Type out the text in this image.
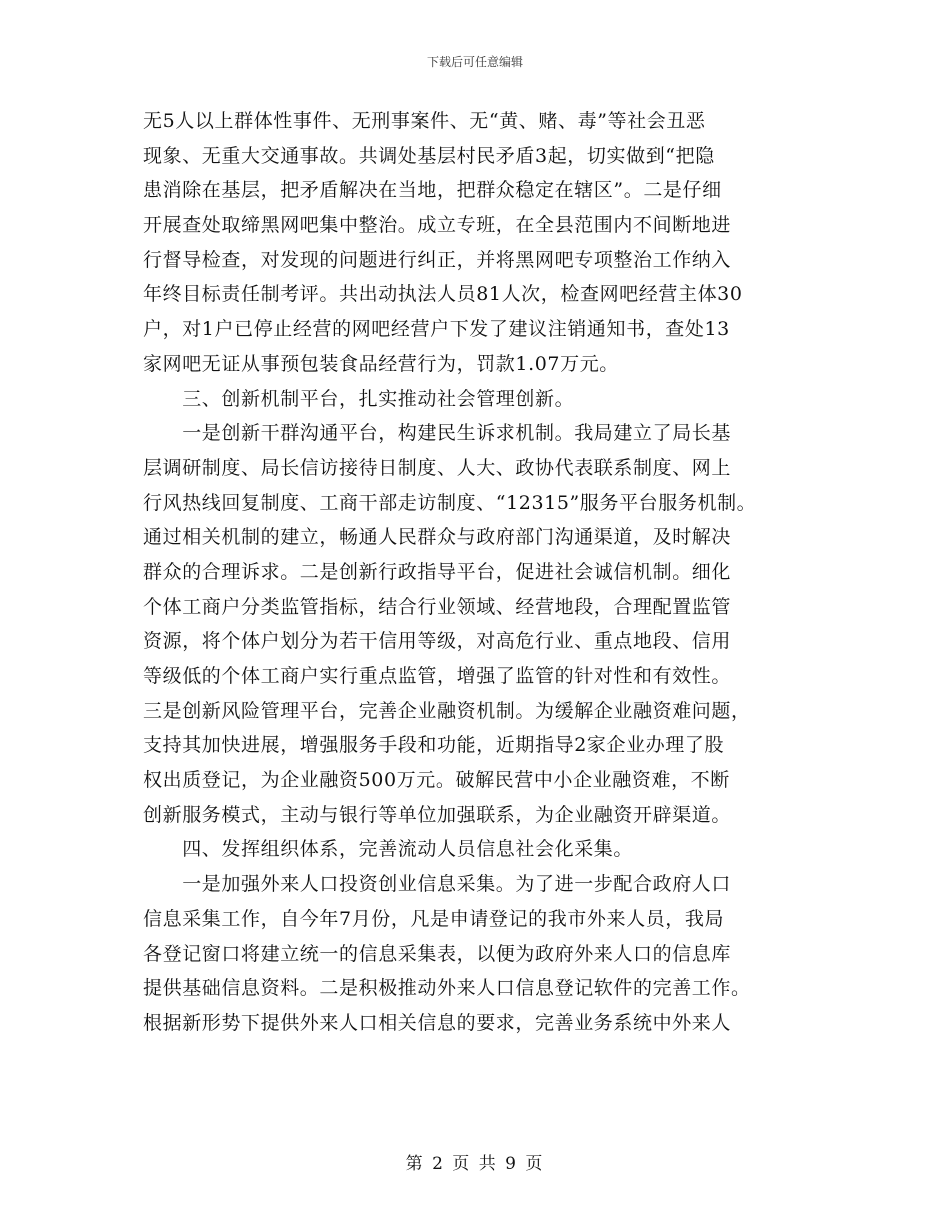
下载后可任意编辑
无5人以上群体性事件、无刑事案件、无“黄、赌、毒”等社会丑恶
现象、无重大交通事故。共调处基层村民矛盾3起，切实做到“把隐
患消除在基层，把矛盾解决在当地，把群众稳定在辖区”。二是仔细
开展查处取缔黑网吧集中整治。成立专班，在全县范围内不间断地进
行督导检查，对发现的问题进行纠正，并将黑网吧专项整治工作纳入
年终目标责任制考评。共出动执法人员81人次，检查网吧经营主体30
户，对1户已停止经营的网吧经营户下发了建议注销通知书，查处13
家网吧无证从事预包装食品经营行为，罚款1.07万元。
　　三、创新机制平台，扎实推动社会管理创新。
　　一是创新干群沟通平台，构建民生诉求机制。我局建立了局长基
层调研制度、局长信访接待日制度、人大、政协代表联系制度、网上
行风热线回复制度、工商干部走访制度、“12315”服务平台服务机制。
通过相关机制的建立，畅通人民群众与政府部门沟通渠道，及时解决
群众的合理诉求。二是创新行政指导平台，促进社会诚信机制。细化
个体工商户分类监管指标，结合行业领域、经营地段，合理配置监管
资源，将个体户划分为若干信用等级，对高危行业、重点地段、信用
等级低的个体工商户实行重点监管，增强了监管的针对性和有效性。
三是创新风险管理平台，完善企业融资机制。为缓解企业融资难问题，
支持其加快进展，增强服务手段和功能，近期指导2家企业办理了股
权出质登记，为企业融资500万元。破解民营中小企业融资难，不断
创新服务模式，主动与银行等单位加强联系，为企业融资开辟渠道。
　　四、发挥组织体系，完善流动人员信息社会化采集。
　　一是加强外来人口投资创业信息采集。为了进一步配合政府人口
信息采集工作，自今年7月份，凡是申请登记的我市外来人员，我局
各登记窗口将建立统一的信息采集表，以便为政府外来人口的信息库
提供基础信息资料。二是积极推动外来人口信息登记软件的完善工作。
根据新形势下提供外来人口相关信息的要求，完善业务系统中外来人
第 2 页 共 9 页
